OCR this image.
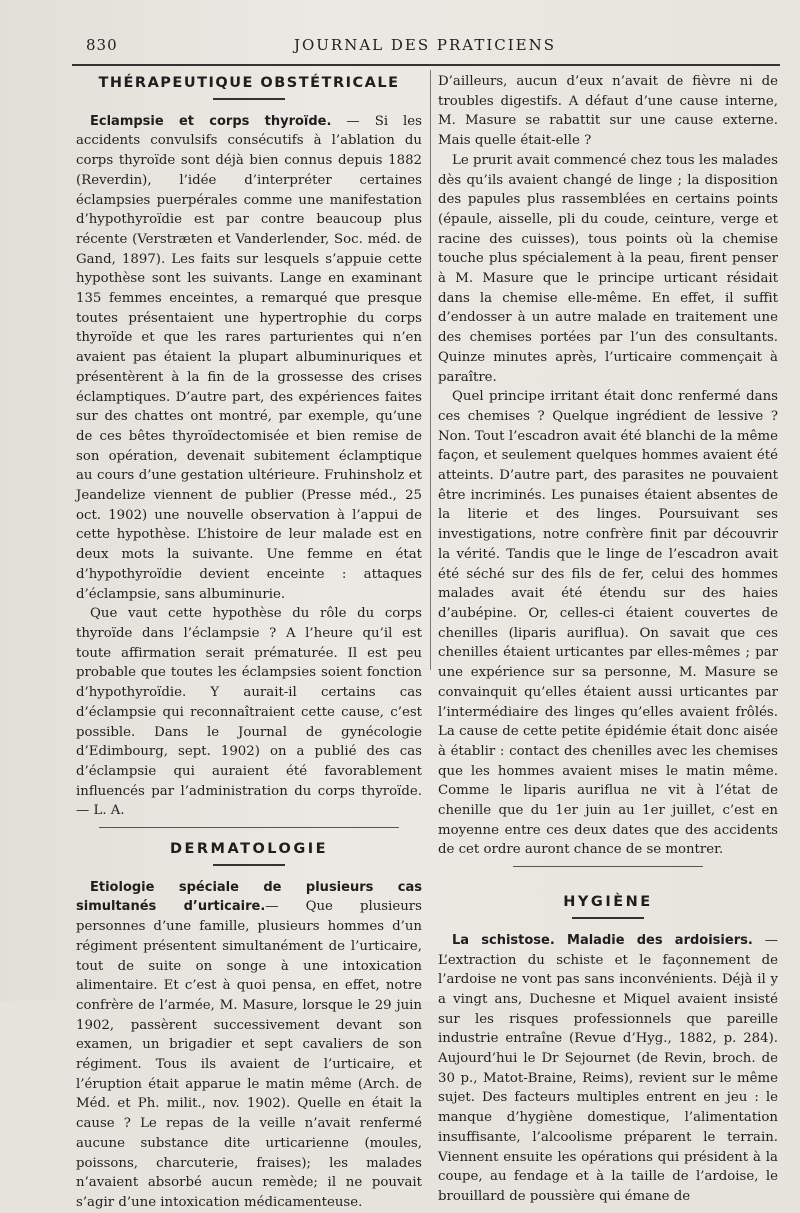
830	JOURNAL DES PRATICIENS
THÉRAPEUTIQUE OBSTÉTRICALE

Eclampsie et corps thyroïde. — Si les accidents convulsifs consécutifs à l’ablation du corps thyroïde sont déjà bien connus depuis 1882 (Reverdin), l’idée d’interpréter certaines éclampsies puerpérales comme une manifestation d’hypothyroïdie est par contre beaucoup plus récente (Verstræten et Vanderlender, Soc. méd. de Gand, 1897). Les faits sur lesquels s’appuie cette hypothèse sont les suivants. Lange en examinant 135 femmes enceintes, a remarqué que presque toutes présentaient une hypertrophie du corps thyroïde et que les rares parturientes qui n’en avaient pas étaient la plupart albuminuriques et présentèrent à la fin de la grossesse des crises éclamptiques. D’autre part, des expériences faites sur des chattes ont montré, par exemple, qu’une de ces bêtes thyroïdectomisée et bien remise de son opération, devenait subitement éclamptique au cours d’une gestation ultérieure. Fruhinsholz et Jeandelize viennent de publier (Presse méd., 25 oct. 1902) une nouvelle observation à l’appui de cette hypothèse. L’histoire de leur malade est en deux mots la suivante. Une femme en état d’hypothyroïdie devient enceinte : attaques d’éclampsie, sans albuminurie.

Que vaut cette hypothèse du rôle du corps thyroïde dans l’éclampsie ? A l’heure qu’il est toute affirmation serait prématurée. Il est peu probable que toutes les éclampsies soient fonction d’hypothyroïdie. Y aurait-il certains cas d’éclampsie qui reconnaîtraient cette cause, c’est possible. Dans le Journal de gynécologie d’Edimbourg, sept. 1902) on a publié des cas d’éclampsie qui auraient été favorablement influencés par l’administration du corps thyroïde. — L. A.

DERMATOLOGIE

Etiologie spéciale de plusieurs cas simultanés d’urticaire.— Que plusieurs personnes d’une famille, plusieurs hommes d’un régiment présentent simultanément de l’urticaire, tout de suite on songe à une intoxication alimentaire. Et c’est à quoi pensa, en effet, notre confrère de l’armée, M. Masure, lorsque le 29 juin 1902, passèrent successivement devant son examen, un brigadier et sept cavaliers de son régiment. Tous ils avaient de l’urticaire, et l’éruption était apparue le matin même (Arch. de Méd. et Ph. milit., nov. 1902). Quelle en était la cause ? Le repas de la veille n’avait renfermé aucune substance dite urticarienne (moules, poissons, charcuterie, fraises); les malades n’avaient absorbé aucun remède; il ne pouvait s’agir d’une intoxication médicamenteuse.

D’ailleurs, aucun d’eux n’avait de fièvre ni de troubles digestifs. A défaut d’une cause interne, M. Masure se rabattit sur une cause externe. Mais quelle était-elle ?

Le prurit avait commencé chez tous les malades dès qu’ils avaient changé de linge ; la disposition des papules plus rassemblées en certains points (épaule, aisselle, pli du coude, ceinture, verge et racine des cuisses), tous points où la chemise touche plus spécialement à la peau, firent penser à M. Masure que le principe urticant résidait dans la chemise elle-même. En effet, il suffit d’endosser à un autre malade en traitement une des chemises portées par l’un des consultants. Quinze minutes après, l’urticaire commençait à paraître.

Quel principe irritant était donc renfermé dans ces chemises ? Quelque ingrédient de lessive ? Non. Tout l’escadron avait été blanchi de la même façon, et seulement quelques hommes avaient été atteints. D’autre part, des parasites ne pouvaient être incriminés. Les punaises étaient absentes de la literie et des linges. Poursuivant ses investigations, notre confrère finit par découvrir la vérité. Tandis que le linge de l’escadron avait été séché sur des fils de fer, celui des hommes malades avait été étendu sur des haies d’aubépine. Or, celles-ci étaient couvertes de chenilles (liparis auriflua). On savait que ces chenilles étaient urticantes par elles-mêmes ; par une expérience sur sa personne, M. Masure se convainquit qu’elles étaient aussi urticantes par l’intermédiaire des linges qu’elles avaient frôlés. La cause de cette petite épidémie était donc aisée à établir : contact des chenilles avec les chemises que les hommes avaient mises le matin même. Comme le liparis auriflua ne vit à l’état de chenille que du 1er juin au 1er juillet, c’est en moyenne entre ces deux dates que des accidents de cet ordre auront chance de se montrer.

HYGIÈNE

La schistose. Maladie des ardoisiers. — L’extraction du schiste et le façonnement de l’ardoise ne vont pas sans inconvénients. Déjà il y a vingt ans, Duchesne et Miquel avaient insisté sur les risques professionnels que pareille industrie entraîne (Revue d’Hyg., 1882, p. 284). Aujourd’hui le Dr Sejournet (de Revin, broch. de 30 p., Matot-Braine, Reims), revient sur le même sujet. Des facteurs multiples entrent en jeu : le manque d’hygiène domestique, l’alimentation insuffisante, l’alcoolisme préparent le terrain. Viennent ensuite les opérations qui président à la coupe, au fendage et à la taille de l’ardoise, le brouillard de poussière qui émane de
